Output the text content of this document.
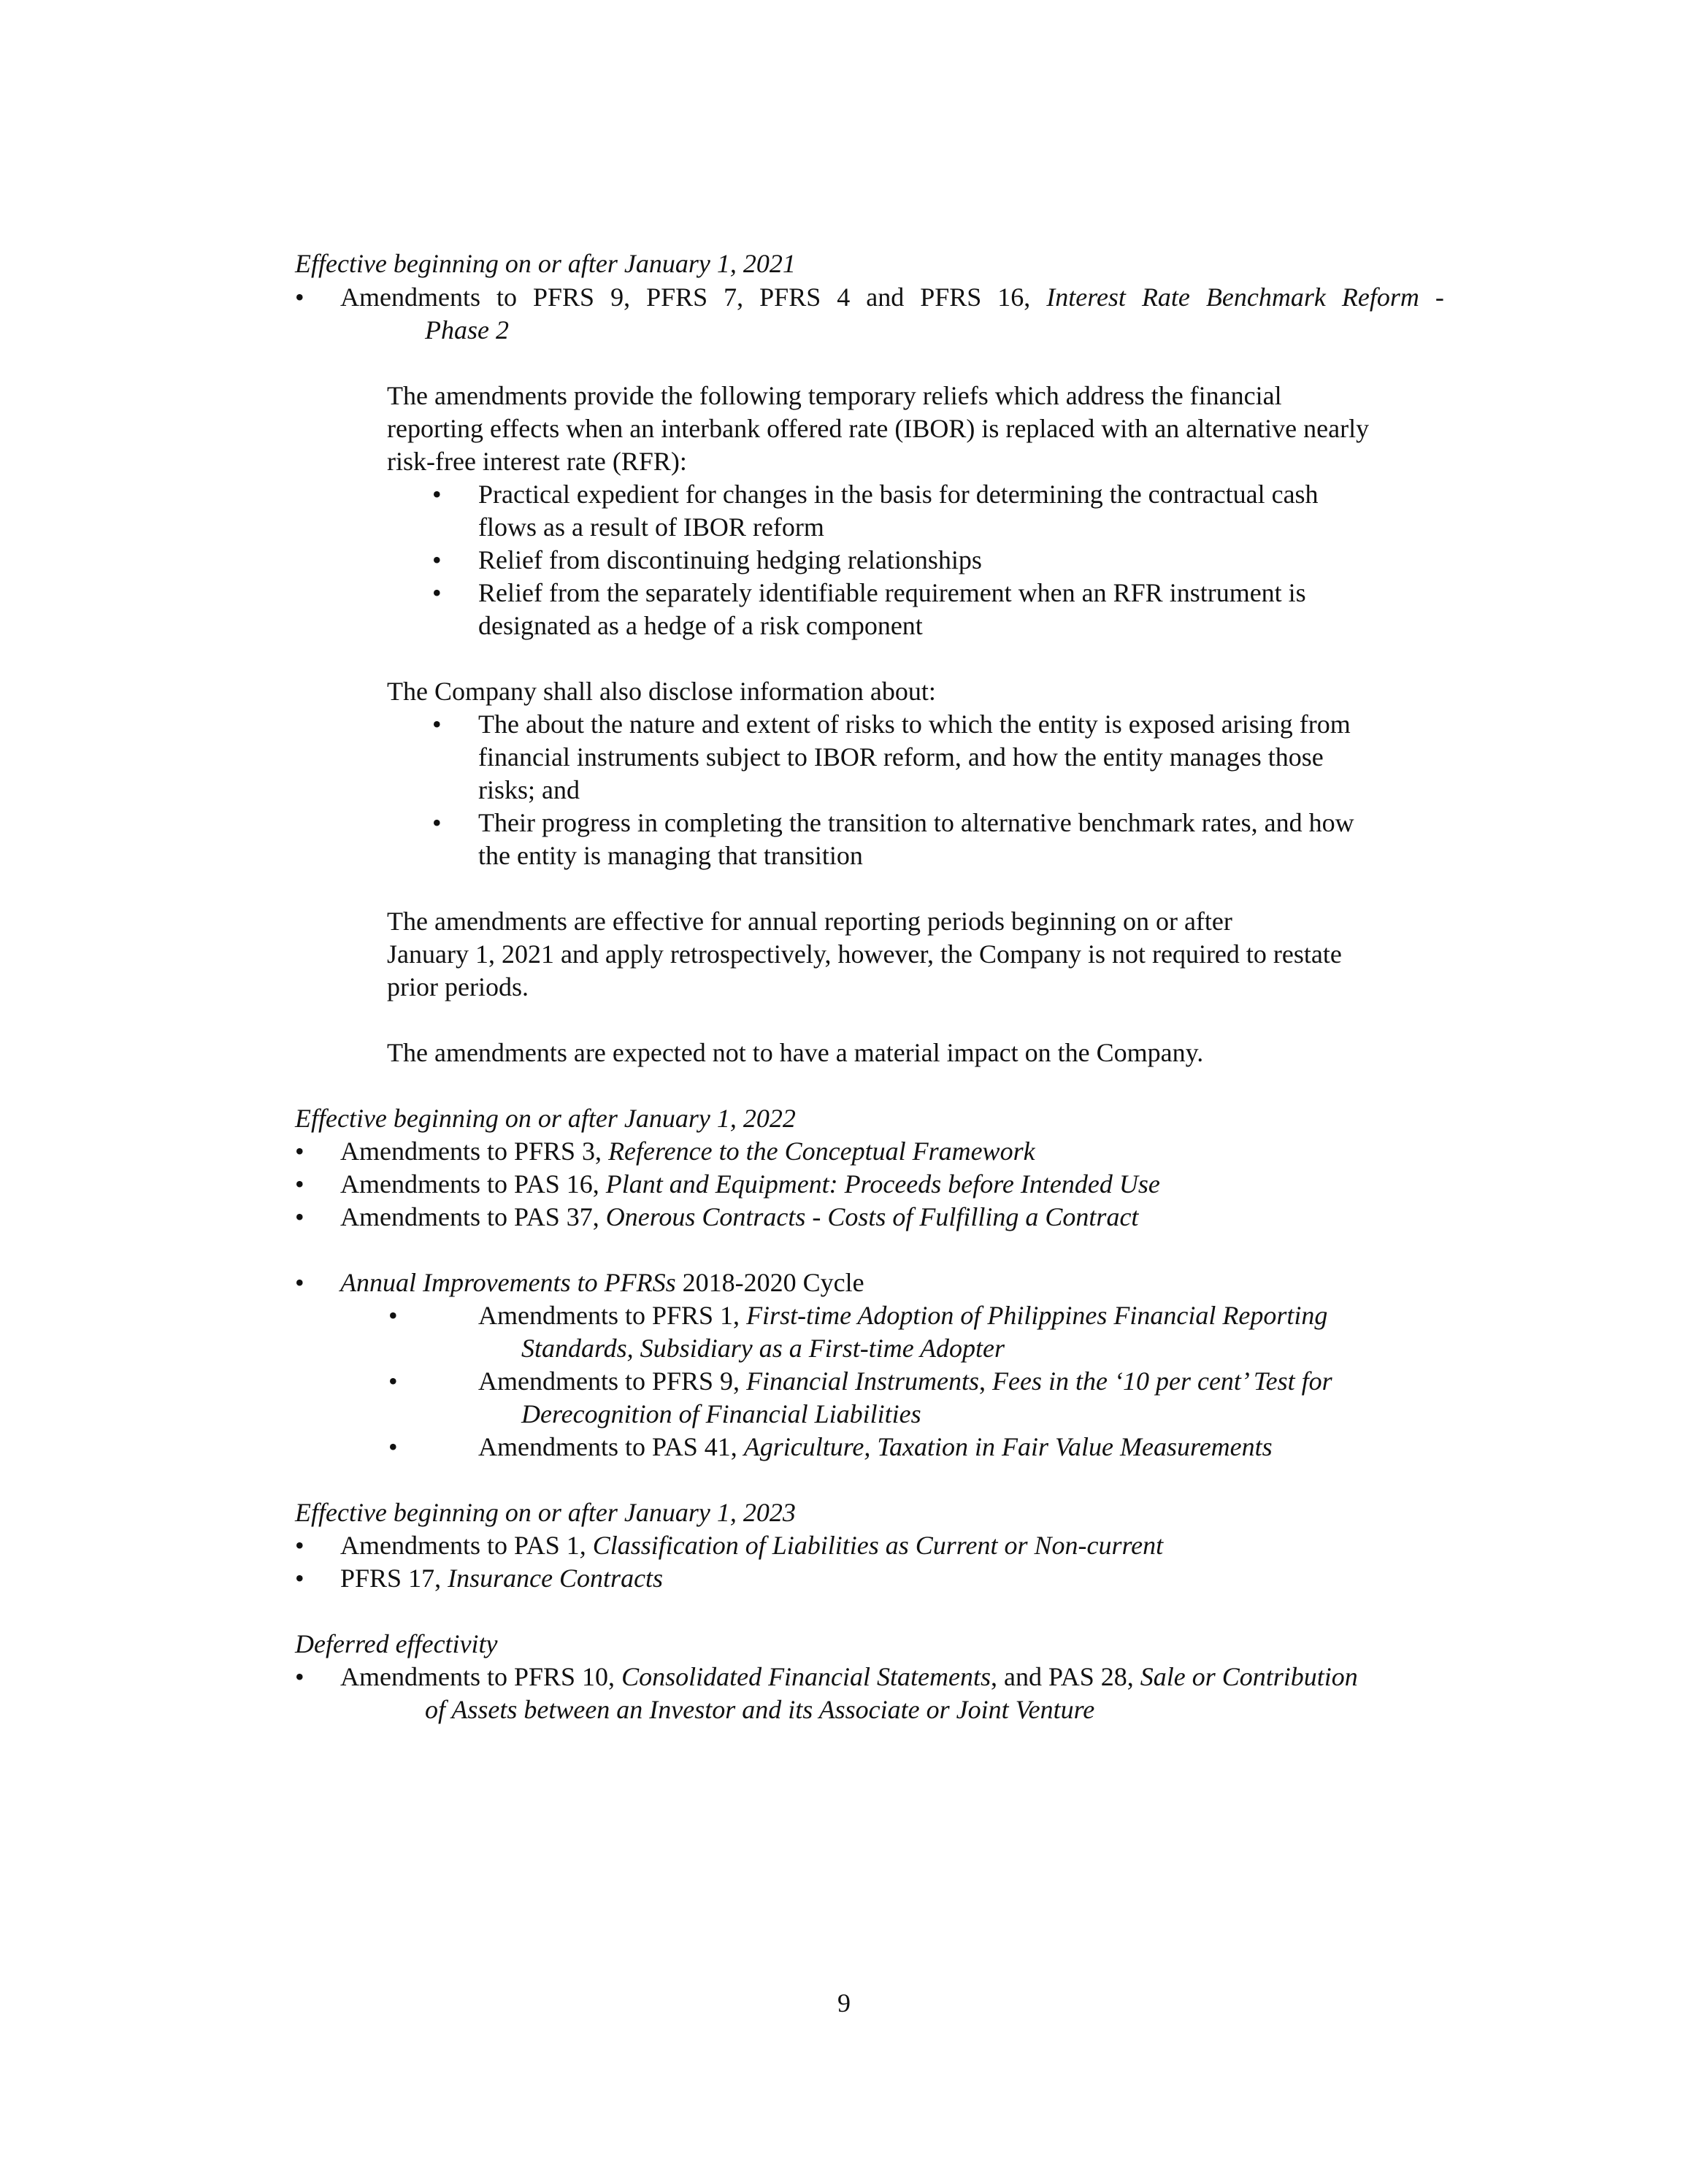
Effective beginning on or after January 1, 2021
• Amendments to PFRS 9, PFRS 7, PFRS 4 and PFRS 16, Interest Rate Benchmark Reform -
Phase 2
The amendments provide the following temporary reliefs which address the financial
reporting effects when an interbank offered rate (IBOR) is replaced with an alternative nearly
risk-free interest rate (RFR):
• Practical expedient for changes in the basis for determining the contractual cash
flows as a result of IBOR reform
• Relief from discontinuing hedging relationships
• Relief from the separately identifiable requirement when an RFR instrument is
designated as a hedge of a risk component
The Company shall also disclose information about:
• The about the nature and extent of risks to which the entity is exposed arising from
financial instruments subject to IBOR reform, and how the entity manages those
risks; and
• Their progress in completing the transition to alternative benchmark rates, and how
the entity is managing that transition
The amendments are effective for annual reporting periods beginning on or after
January 1, 2021 and apply retrospectively, however, the Company is not required to restate
prior periods.
The amendments are expected not to have a material impact on the Company.
Effective beginning on or after January 1, 2022
• Amendments to PFRS 3, Reference to the Conceptual Framework
• Amendments to PAS 16, Plant and Equipment: Proceeds before Intended Use
• Amendments to PAS 37, Onerous Contracts - Costs of Fulfilling a Contract
• Annual Improvements to PFRSs 2018-2020 Cycle
•	Amendments to PFRS 1, First-time Adoption of Philippines Financial Reporting
Standards, Subsidiary as a First-time Adopter
•	Amendments to PFRS 9, Financial Instruments, Fees in the ‘10 per cent’ Test for
Derecognition of Financial Liabilities
•	Amendments to PAS 41, Agriculture, Taxation in Fair Value Measurements
Effective beginning on or after January 1, 2023
• Amendments to PAS 1, Classification of Liabilities as Current or Non-current
• PFRS 17, Insurance Contracts
Deferred effectivity
• Amendments to PFRS 10, Consolidated Financial Statements, and PAS 28, Sale or Contribution
of Assets between an Investor and its Associate or Joint Venture
9
